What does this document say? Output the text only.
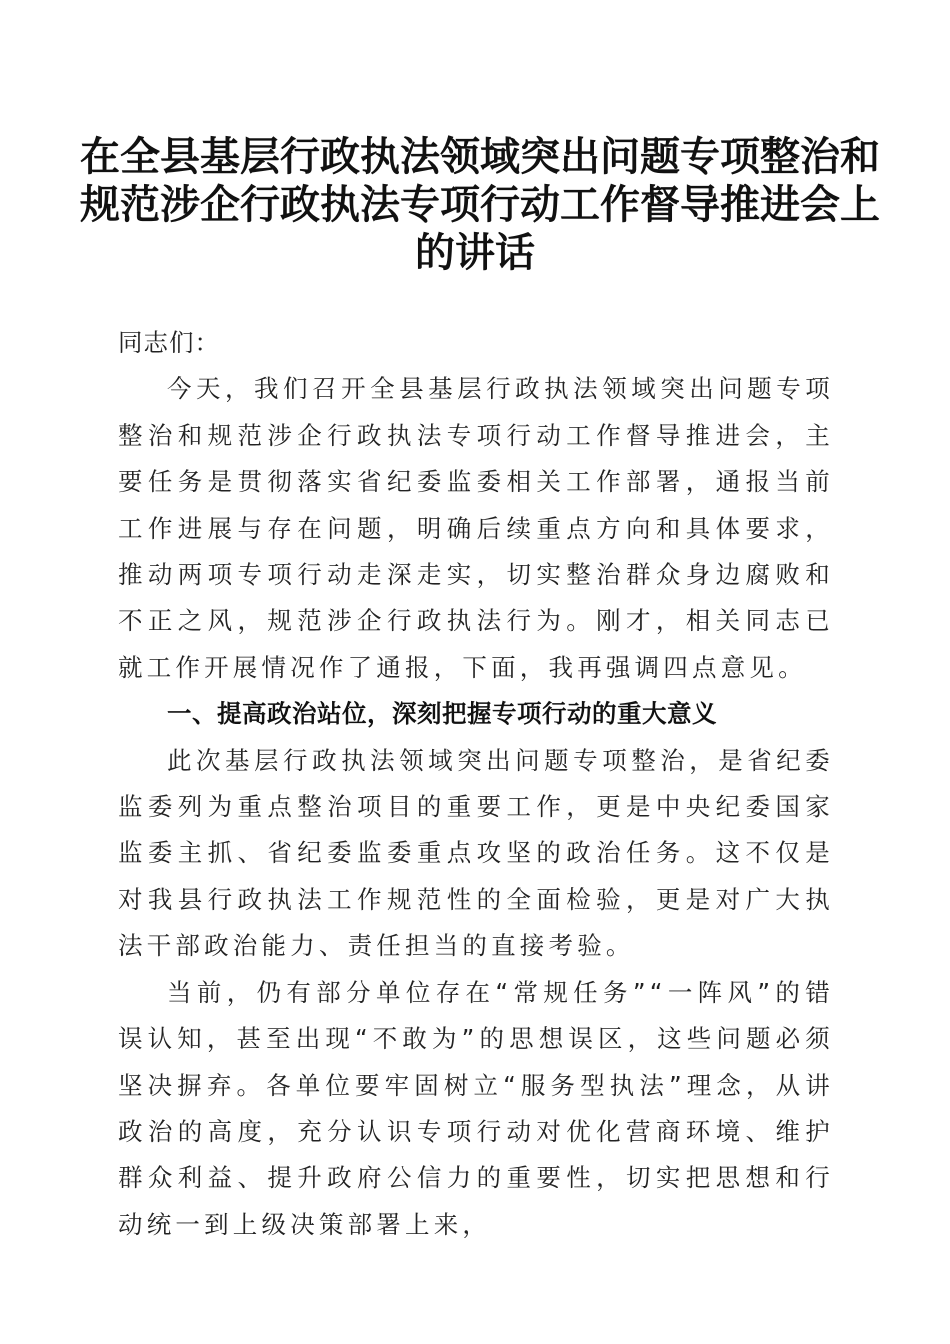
在全县基层行政执法领域突出问题专项整治和
规范涉企行政执法专项行动工作督导推进会上
的讲话

同志们：

今天，我们召开全县基层行政执法领域突出问题专项整治和规范涉企行政执法专项行动工作督导推进会，主要任务是贯彻落实省纪委监委相关工作部署，通报当前工作进展与存在问题，明确后续重点方向和具体要求，推动两项专项行动走深走实，切实整治群众身边腐败和不正之风，规范涉企行政执法行为。刚才，相关同志已就工作开展情况作了通报，下面，我再强调四点意见。

一、提高政治站位，深刻把握专项行动的重大意义

此次基层行政执法领域突出问题专项整治，是省纪委监委列为重点整治项目的重要工作，更是中央纪委国家监委主抓、省纪委监委重点攻坚的政治任务。这不仅是对我县行政执法工作规范性的全面检验，更是对广大执法干部政治能力、责任担当的直接考验。

当前，仍有部分单位存在“常规任务”“一阵风”的错误认知，甚至出现“不敢为”的思想误区，这些问题必须坚决摒弃。各单位要牢固树立“服务型执法”理念，从讲政治的高度，充分认识专项行动对优化营商环境、维护群众利益、提升政府公信力的重要性，切实把思想和行动统一到上级决策部署上来，
